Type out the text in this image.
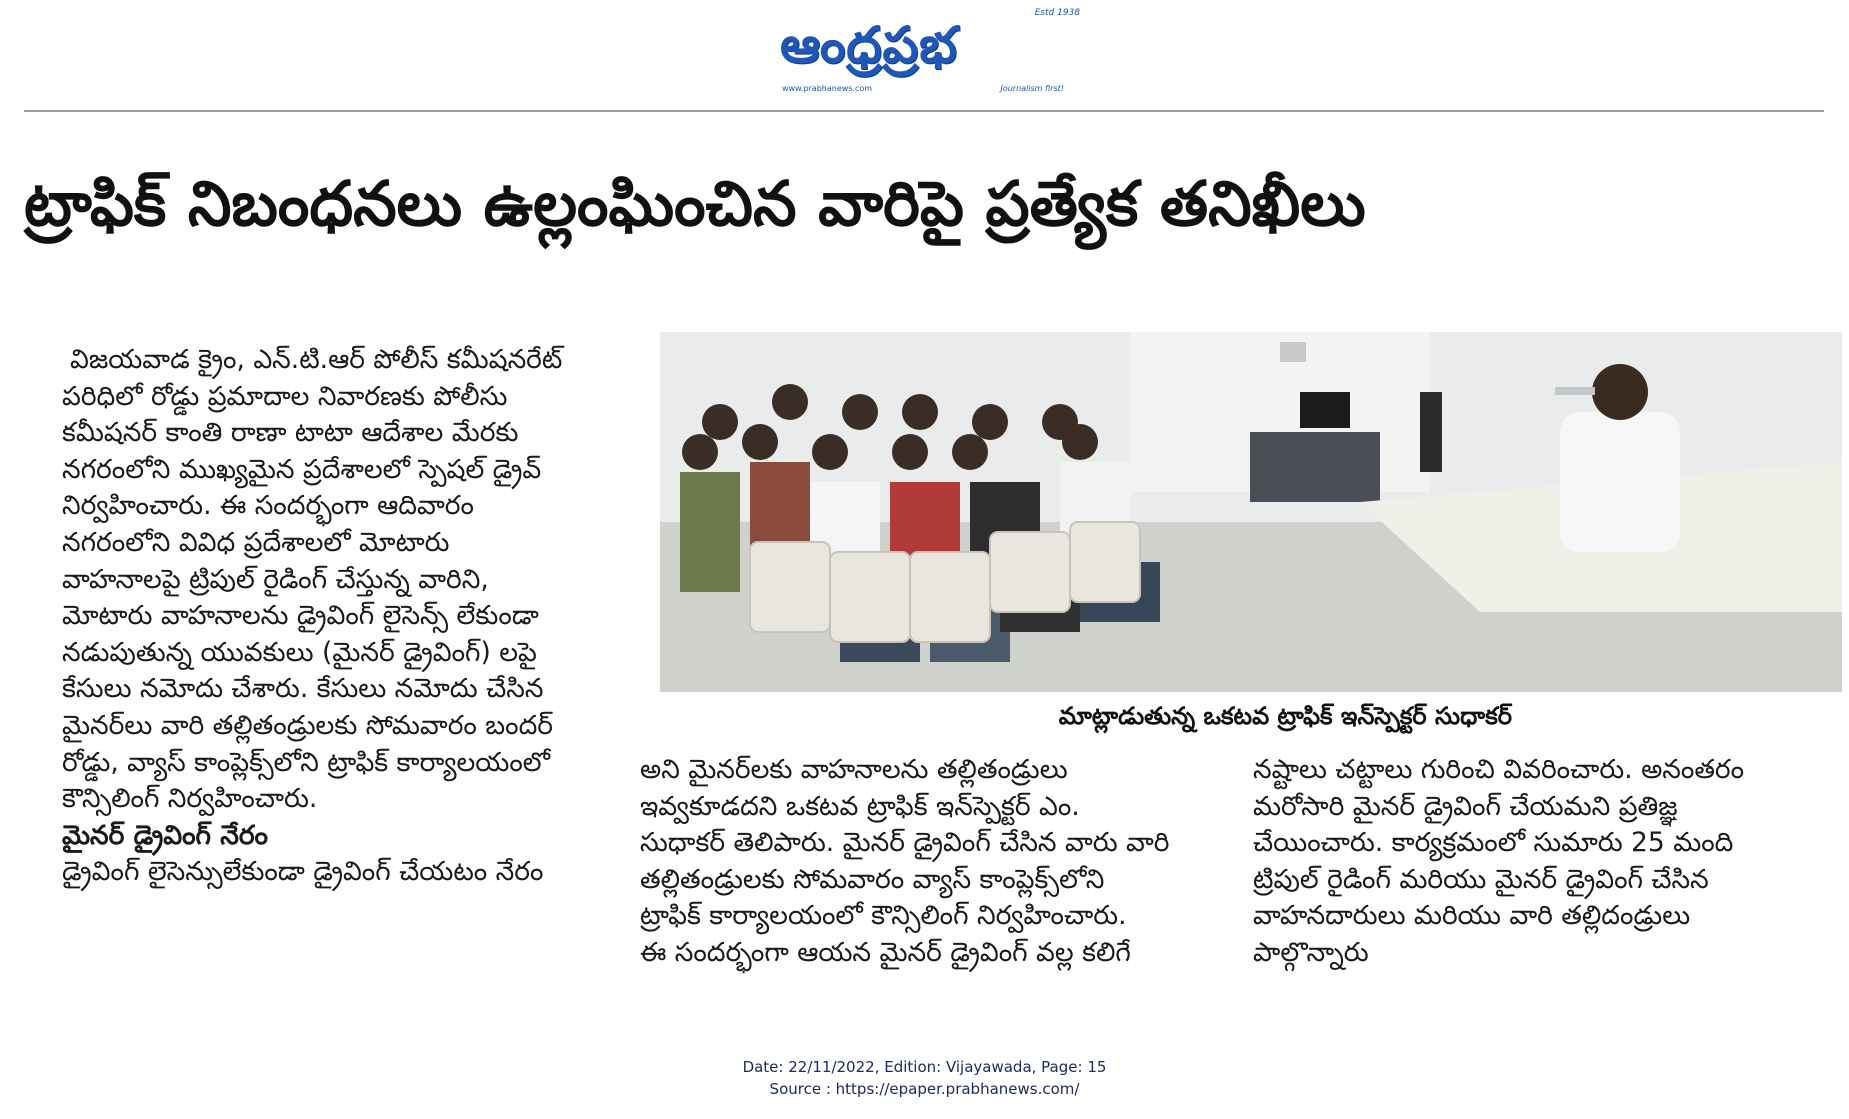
Estd 1938
ఆంధ్రప్రభ
www.prabhanews.com	Journalism first!
ట్రాఫిక్ నిబంధనలు ఉల్లంఘించిన వారిపై ప్రత్యేక తనిఖీలు

విజయవాడ క్రైం, ఎన్.టి.ఆర్ పోలీస్ కమీషనరేట్

పరిధిలో రోడ్డు ప్రమాదాల నివారణకు పోలీసు

కమీషనర్ కాంతి రాణా టాటా ఆదేశాల మేరకు

నగరంలోని ముఖ్యమైన ప్రదేశాలలో స్పెషల్ డ్రైవ్

నిర్వహించారు. ఈ సందర్భంగా ఆదివారం

నగరంలోని వివిధ ప్రదేశాలలో మోటారు

వాహనాలపై ట్రిపుల్ రైడింగ్ చేస్తున్న వారిని,

మోటారు వాహనాలను డ్రైవింగ్ లైసెన్స్ లేకుండా

నడుపుతున్న యువకులు (మైనర్ డ్రైవింగ్) లపై

కేసులు నమోదు చేశారు. కేసులు నమోదు చేసిన

మైనర్‌లు వారి తల్లితండ్రులకు సోమవారం బందర్

రోడ్డు, వ్యాస్ కాంప్లెక్స్‌లోని ట్రాఫిక్ కార్యాలయంలో

కౌన్సిలింగ్ నిర్వహించారు.

మైనర్ డ్రైవింగ్ నేరం

డ్రైవింగ్ లైసెన్సులేకుండా డ్రైవింగ్ చేయటం నేరం

మాట్లాడుతున్న ఒకటవ ట్రాఫిక్ ఇన్‌స్పెక్టర్ సుధాకర్

అని మైనర్‌లకు వాహనాలను తల్లితండ్రులు

ఇవ్వకూడదని ఒకటవ ట్రాఫిక్ ఇన్‌స్పెక్టర్ ఎం.

సుధాకర్ తెలిపారు. మైనర్ డ్రైవింగ్ చేసిన వారు వారి

తల్లితండ్రులకు సోమవారం వ్యాస్ కాంప్లెక్స్‌లోని

ట్రాఫిక్ కార్యాలయంలో కౌన్సిలింగ్ నిర్వహించారు.

ఈ సందర్భంగా ఆయన మైనర్ డ్రైవింగ్ వల్ల కలిగే

నష్టాలు చట్టాలు గురించి వివరించారు. అనంతరం

మరోసారి మైనర్ డ్రైవింగ్ చేయమని ప్రతిజ్ఞ

చేయించారు. కార్యక్రమంలో సుమారు 25 మంది

ట్రిపుల్ రైడింగ్ మరియు మైనర్ డ్రైవింగ్ చేసిన

వాహనదారులు మరియు వారి తల్లిదండ్రులు

పాల్గొన్నారు

Date: 22/11/2022, Edition: Vijayawada, Page: 15
Source : https://epaper.prabhanews.com/
